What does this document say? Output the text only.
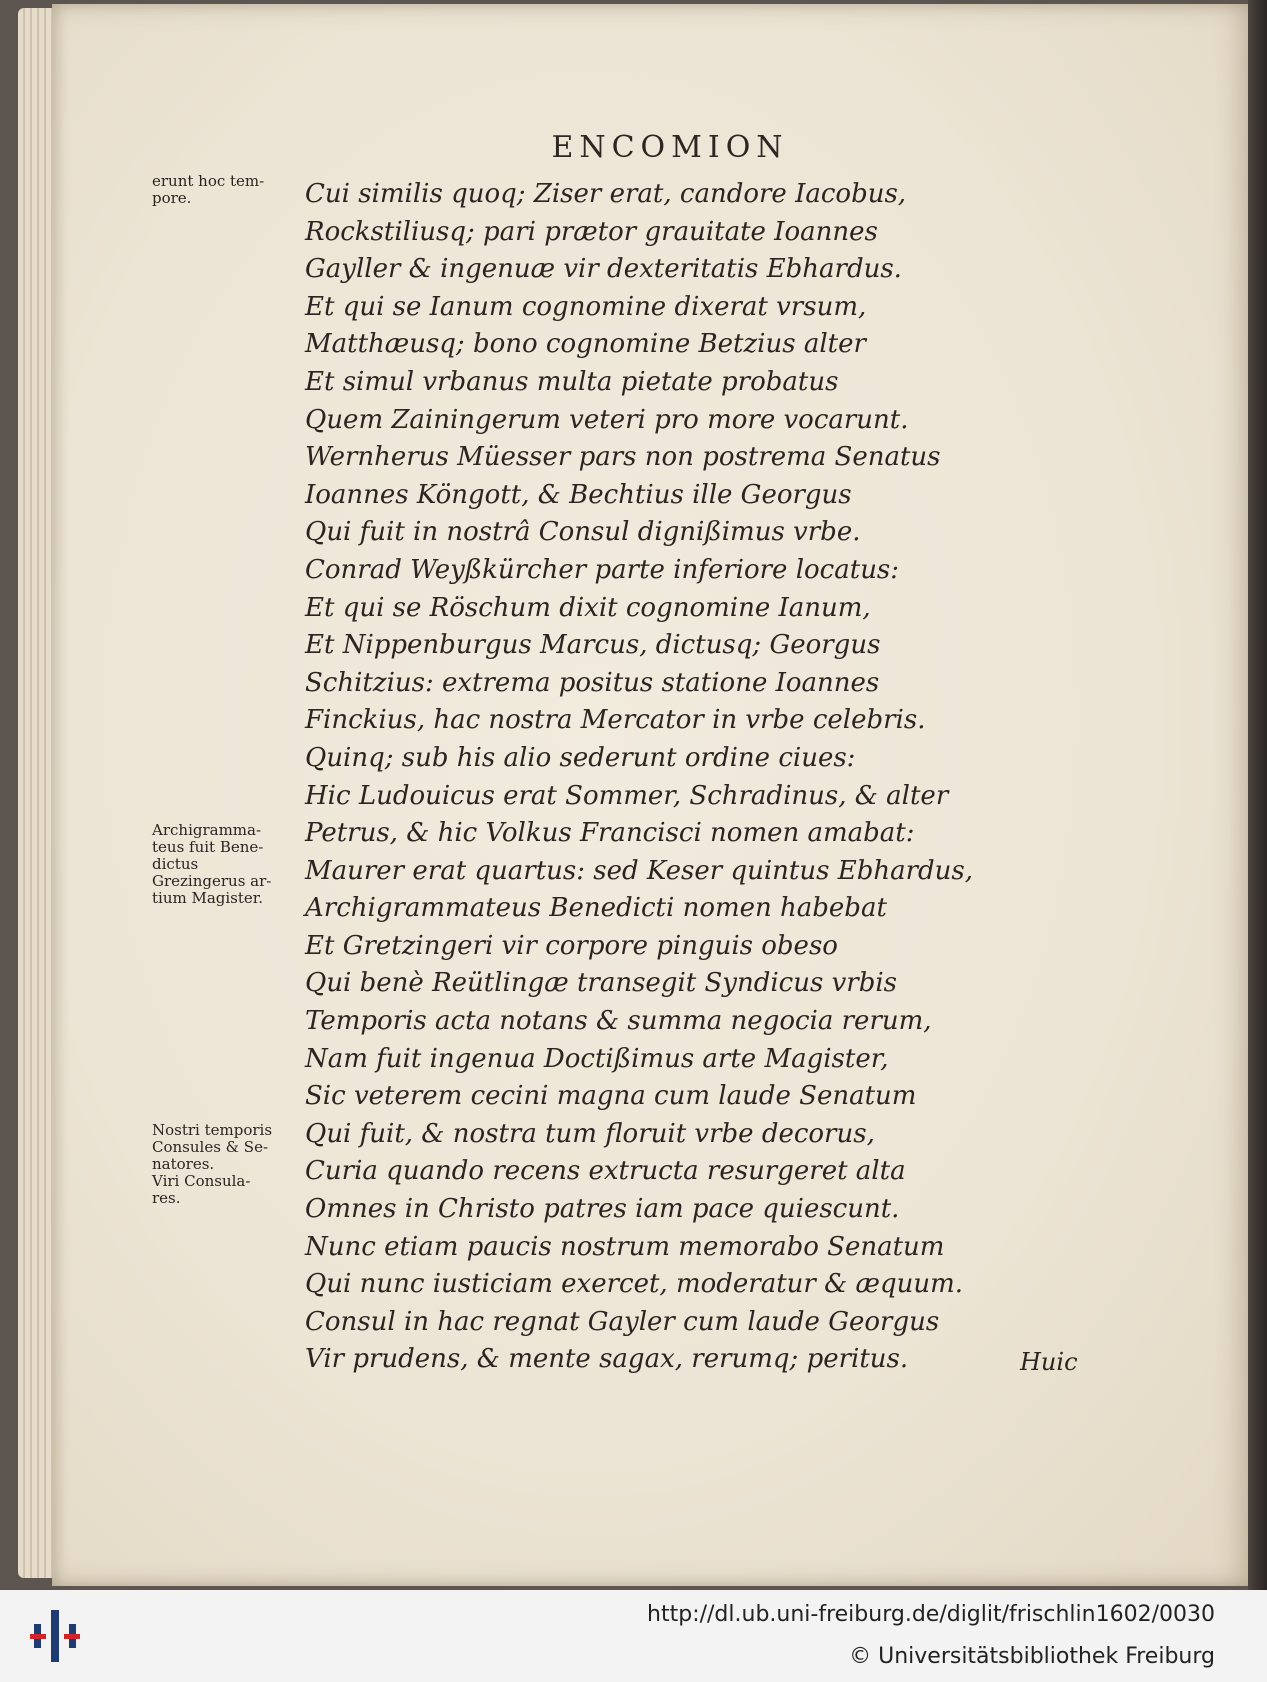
ENCOMION
erunt hoc tem-
pore.
Archigramma-
teus fuit Bene-
dictus
Grezingerus ar-
tium Magister.
Nostri temporis
Consules & Se-
natores.
Viri Consula-
res.
Cui similis quoq; Ziser erat, candore Iacobus,
Rockstiliusq; pari prætor grauitate Ioannes
Gayller & ingenuæ vir dexteritatis Ebhardus.
Et qui se Ianum cognomine dixerat vrsum,
Matthæusq; bono cognomine Betzius alter
Et simul vrbanus multa pietate probatus
Quem Zainingerum veteri pro more vocarunt.
Wernherus Müesser pars non postrema Senatus
Ioannes Köngott, & Bechtius ille Georgus
Qui fuit in nostrâ Consul dignißimus vrbe.
Conrad Weyßkürcher parte inferiore locatus:
Et qui se Röschum dixit cognomine Ianum,
Et Nippenburgus Marcus, dictusq; Georgus
Schitzius: extrema positus statione Ioannes
Finckius, hac nostra Mercator in vrbe celebris.
Quinq; sub his alio sederunt ordine ciues:
Hic Ludouicus erat Sommer, Schradinus, & alter
Petrus, & hic Volkus Francisci nomen amabat:
Maurer erat quartus: sed Keser quintus Ebhardus,
Archigrammateus Benedicti nomen habebat
Et Gretzingeri vir corpore pinguis obeso
Qui benè Reütlingæ transegit Syndicus vrbis
Temporis acta notans & summa negocia rerum,
Nam fuit ingenua Doctißimus arte Magister,
Sic veterem cecini magna cum laude Senatum
Qui fuit, & nostra tum floruit vrbe decorus,
Curia quando recens extructa resurgeret alta
Omnes in Christo patres iam pace quiescunt.
Nunc etiam paucis nostrum memorabo Senatum
Qui nunc iusticiam exercet, moderatur & æquum.
Consul in hac regnat Gayler cum laude Georgus
Vir prudens, & mente sagax, rerumq; peritus.	Huic
http://dl.ub.uni-freiburg.de/diglit/frischlin1602/0030
© Universitätsbibliothek Freiburg
